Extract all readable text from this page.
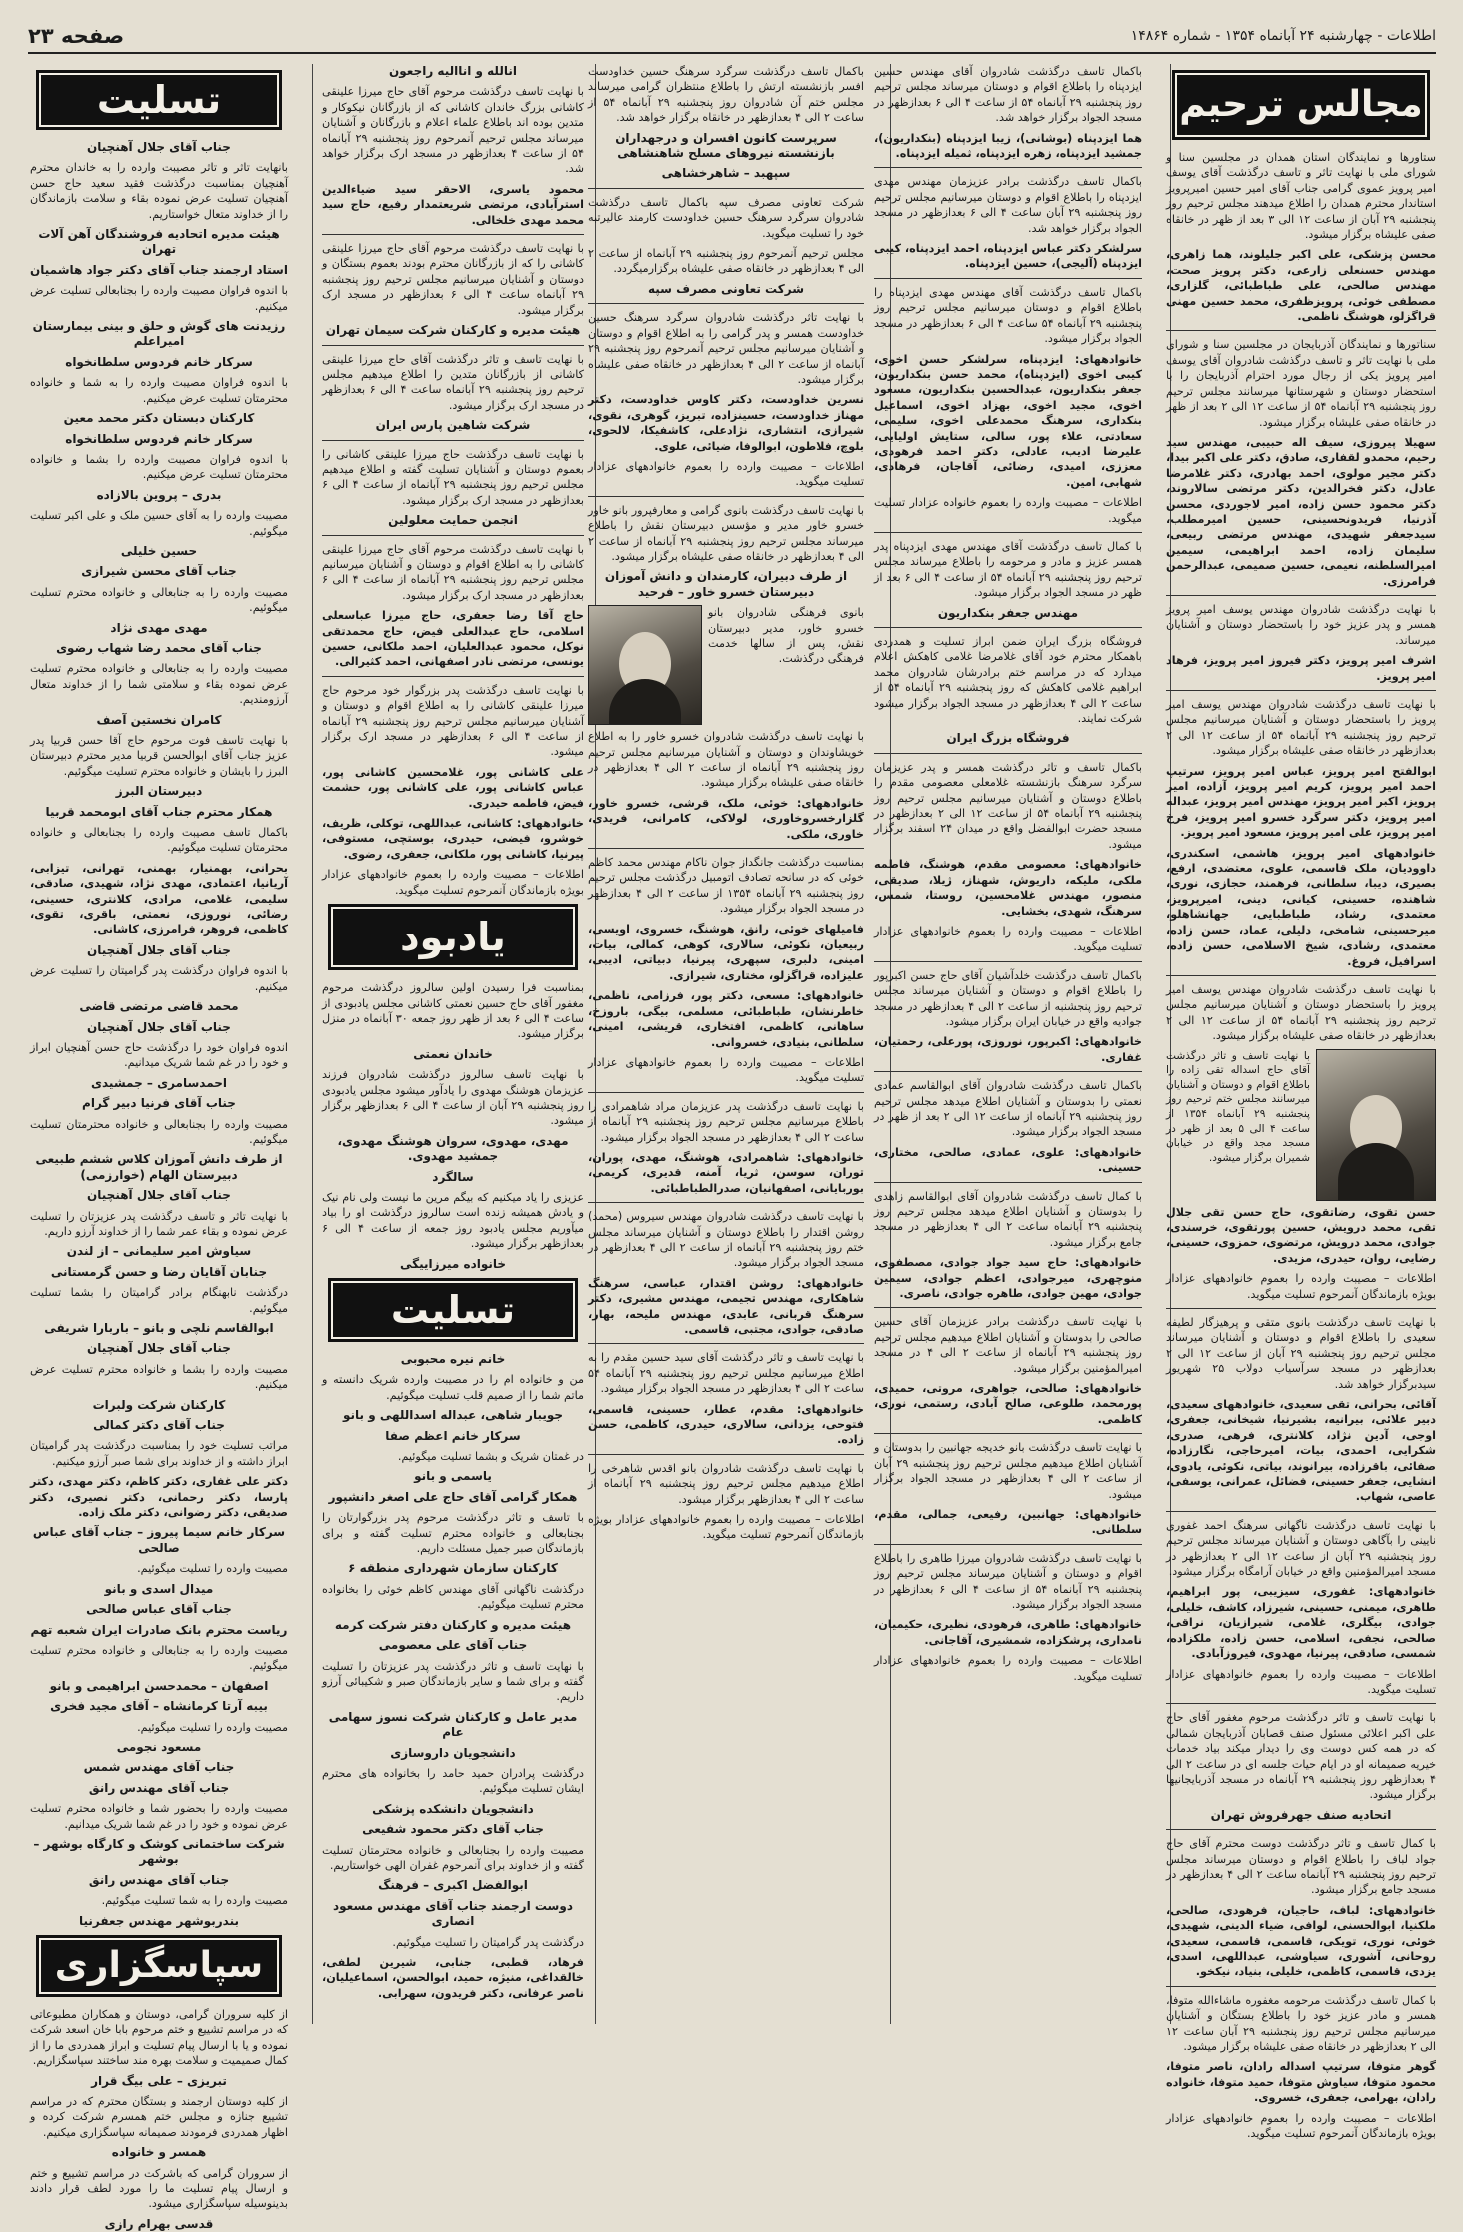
اطلاعات - چهارشنبه ۲۴ آبانماه ۱۳۵۴ - شماره ۱۴۸۶۴
صفحه ۲۳
مجالس ترحیم

ستاورها و نمایندگان استان همدان در مجلسین سنا و شورای ملی با نهایت تاثر و تاسف درگذشت آقای یوسف امیر پرویز عموی گرامی جناب آقای امیر حسین امیرپرویز استاندار محترم همدان را اطلاع میدهند مجلس ترحیم روز پنجشنبه ۲۹ آبان از ساعت ۱۲ الی ۳ بعد از ظهر در خانقاه صفی علیشاه برگزار میشود.

محسن پزشکی، علی اکبر جلیلوند، هما زاهری، مهندس حسنعلی زارعی، دکتر پرویز صحت، مهندس صالحی، علی طباطبائی، گلزاری، مصطفی خوئی، پرویزظفری، محمد حسین مهنی قراگزلو، هوشنگ ناظمی.

سناتورها و نمایندگان آذربایجان در مجلسین سنا و شورای ملی با نهایت تاثر و تاسف درگذشت شادروان آقای یوسف امیر پرویز یکی از رجال مورد احترام آذربایجان را با استحضار دوستان و شهرستانها میرسانند مجلس ترحیم روز پنجشنبه ۲۹ آبانماه ۵۴ از ساعت ۱۲ الی ۲ بعد از ظهر در خانقاه صفی علیشاه برگزار میشود.

سهیلا پیروزی، سیف اله حبیبی، مهندس سید رحیم، محمدو لقفاری، صادق، دکتر علی اکبر بیدا، دکتر مجیر مولوی، احمد بهادری، دکتر غلامرضا عادل، دکتر فخرالدین، دکتر مرتضی سالاروند، دکتر محمود حسن زاده، امیر لاجوردی، محسن آذرنیا، فریدونحسینی، حسین امیرمطلب، سیدجعفر شهیدی، مهندس مرتضی ربیعی، سلیمان زاده، احمد ابراهیمی، سیمین امیرالسلطنه، نعیمی، حسین صمیمی، عبدالرحمن فرامرزی.

با نهایت درگذشت شادروان مهندس یوسف امیر پرویز همسر و پدر عزیز خود را باستحضار دوستان و آشنایان میرساند.

اشرف امیر پرویز، دکتر فیروز امیر پرویز، فرهاد امیر پرویز.

با نهایت تاسف درگذشت شادروان مهندس یوسف امیر پرویز را باستحضار دوستان و آشنایان میرسانیم مجلس ترحیم روز پنجشنبه ۲۹ آبانماه ۵۴ از ساعت ۱۲ الی ۲ بعدازظهر در خانقاه صفی علیشاه برگزار میشود.

ابوالفتح امیر پرویز، عباس امیر پرویز، سرتیپ احمد امیر پرویز، کریم امیر پرویز، آزاده، امیر پرویز، اکبر امیر پرویز، مهندس امیر پرویز، عبداله امیر پرویز، دکتر سرگرد خسرو امیر پرویز، فرخ امیر پرویز، علی امیر پرویز، مسعود امیر پرویز.

خانوادههای امیر پرویز، هاشمی، اسکندری، داوودیان، ملک قاسمی، علوی، معتضدی، ارفع، بصیری، دیبا، سلطانی، فرهمند، حجازی، نوری، شاهنده، حسینی، کیانی، دینی، امیرپرویز، معتمدی، رشاد، طباطبایی، جهانشاهلو، میرحسینی، شامخی، دلیلی، عماد، حسن زاده، معتمدی، رشادی، شیخ الاسلامی، حسن زاده، اسرافیل، فروغ.

با نهایت تاسف درگذشت شادروان مهندس یوسف امیر پرویز را باستحضار دوستان و آشنایان میرسانیم مجلس ترحیم روز پنجشنبه ۲۹ آبانماه ۵۴ از ساعت ۱۲ الی ۲ بعدازظهر در خانقاه صفی علیشاه برگزار میشود.

با نهایت تاسف و تاثر درگذشت آقای حاج اسداله تقی زاده را باطلاع اقوام و دوستان و آشنایان میرسانند مجلس ختم ترحیم روز پنجشنبه ۲۹ آبانماه ۱۳۵۴ از ساعت ۴ الی ۵ بعد از ظهر در مسجد مجد واقع در خیابان شمیران برگزار میشود.

حسن تقوی، رضاتقوی، حاج حسن تقی جلال تقی، محمد درویش، حسین پورتقوی، خرسندی، جوادی، محمد درویش، مرتضوی، حمزوی، حسینی، رضایی، روان، حیدری، مزیدی.

اطلاعات – مصیبت وارده را بعموم خانوادههای عزادار بویژه بازماندگان آنمرحوم تسلیت میگوید.

با نهایت تاسف درگذشت بانوی متقی و پرهیزگار لطیفه سعیدی را باطلاع اقوام و دوستان و آشنایان میرساند مجلس ترحیم روز پنجشنبه ۲۹ آبان از ساعت ۱۲ الی ۲ بعدازظهر در مسجد سرآسیاب دولاب ۲۵ شهریور سیدبرگزار خواهد شد.

آقائی، بحرانی، تقی سعیدی، خانوادههای سعیدی، دبیر علائی، بیرانیه، بشیرنیا، شیخانی، جعفری، اوجی، آدین نژاد، کلانتری، فرهی، صدری، شکرایی، احمدی، بیات، امیرحاجی، نگارزاده، صفائی، باقرزاده، بیرانوند، بیاتی، نکوئی، یادوی، انشایی، جعفر حسینی، فضائل، عمرانی، یوسفی، عاصی، شهاب.

با نهایت تاسف درگذشت ناگهانی سرهنگ احمد غفوری نایینی را بآگاهی دوستان و آشنایان میرساند مجلس ترحیم روز پنجشنبه ۲۹ آبان از ساعت ۱۲ الی ۲ بعدازظهر در مسجد امیرالمؤمنین واقع در خیابان آرامگاه برگزار میشود.

خانوادههای: غفوری، سیزیبی، پور ابراهیم، طاهری، میمنی، حسینی، شیرزاد، کاشف، خلیلی، جوادی، بیگلری، غلامی، شیرازیان، نراقی، صالحی، نجفی، اسلامی، حسن زاده، ملکزاده، شمسی، صادقی، پیرنیا، مهدوی، فیروزآبادی.

اطلاعات – مصیبت وارده را بعموم خانوادههای عزادار تسلیت میگوید.

با نهایت تاسف و تاثر درگذشت مرحوم مغفور آقای حاج علی اکبر اعلائی مسئول صنف قصابان آذربایجان شمالی که در همه کس دوست وی را دیدار میکند بیاد خدمات خیریه صمیمانه او در ایام حیات جلسه ای در ساعت ۲ الی ۴ بعدازظهر روز پنجشنبه ۲۹ آبانماه در مسجد آذربایجانیها برگزار میشود.

اتحادیه صنف جهرفروش تهران

با کمال تاسف و تاثر درگذشت دوست محترم آقای حاج جواد لباف را باطلاع اقوام و دوستان میرساند مجلس ترحیم روز پنجشنبه ۲۹ آبانماه ساعت ۲ الی ۴ بعدازظهر در مسجد جامع برگزار میشود.

خانوادههای: لباف، حاجیان، فرهودی، صالحی، ملکنیا، ابوالحسنی، لوافی، ضیاء الدینی، شهیدی، خوئی، نوری، تویکی، قاسمی، قاسمی، سعیدی، روحانی، آشوری، سیاوشی، عبداللهی، اسدی، یزدی، قاسمی، کاظمی، خلیلی، بنیاد، نیکخو.

با کمال تاسف درگذشت مرحومه مغفوره ماشاءالله متوفا، همسر و مادر عزیز خود را باطلاع بستگان و آشنایان میرسانیم مجلس ترحیم روز پنجشنبه ۲۹ آبان ساعت ۱۲ الی ۲ بعدازظهر در خانقاه صفی علیشاه برگزار میشود.

گوهر متوفا، سرتیپ اسداله رادان، ناصر متوفا، محمود متوفا، سیاوش متوفا، حمید متوفا، خانواده رادان، بهرامی، جعفری، خسروی.

اطلاعات – مصیبت وارده را بعموم خانوادههای عزادار بویژه بازماندگان آنمرحوم تسلیت میگوید.

باکمال تاسف درگذشت شادروان آقای مهندس حسین ایزدپناه را باطلاع اقوام و دوستان میرساند مجلس ترحیم روز پنجشنبه ۲۹ آبانماه ۵۴ از ساعت ۴ الی ۶ بعدازظهر در مسجد الجواد برگزار خواهد شد.

هما ایزدپناه (بوشانی)، زیبا ایزدپناه (بنکداریون)، جمشید ایزدپناه، زهره ایزدپناه، ثمیله ایزدپناه.

باکمال تاسف درگذشت برادر عزیزمان مهندس مهدی ایزدپناه را باطلاع اقوام و دوستان میرسانیم مجلس ترحیم روز پنجشنبه ۲۹ آبان ساعت ۴ الی ۶ بعدازظهر در مسجد الجواد برگزار خواهد شد.

سرلشکر دکتر عباس ایزدپناه، احمد ایزدپناه، کیبی ایزدپناه (آلیجی)، حسین ایزدپناه.

باکمال تاسف درگذشت آقای مهندس مهدی ایزدپناه را باطلاع اقوام و دوستان میرسانیم مجلس ترحیم روز پنجشنبه ۲۹ آبانماه ۵۴ ساعت ۴ الی ۶ بعدازظهر در مسجد الجواد برگزار میشود.

خانوادههای: ایزدپناه، سرلشکر حسن اخوی، کیبی اخوی (ایزدپناه)، محمد حسن بنکداریون، جعفر بنکداریون، عبدالحسین بنکداریون، مسعود اخوی، مجید اخوی، بهزاد اخوی، اسماعیل بنکداری، سرهنگ محمدعلی اخوی، سلیمی، سعادتی، علاء پور، سالی، ستایش اولیایی، علیرضا ادیب، عادلی، دکتر احمد فرهودی، معززی، امیدی، رضائی، آقاجان، فرهادی، شهابی، امین.

اطلاعات – مصیبت وارده را بعموم خانواده عزادار تسلیت میگوید.

با کمال تاسف درگذشت آقای مهندس مهدی ایزدپناه پدر همسر عزیز و مادر و مرحومه را باطلاع میرساند مجلس ترحیم روز پنجشنبه ۲۹ آبانماه ۵۴ از ساعت ۴ الی ۶ بعد از ظهر در مسجد الجواد برگزار میشود.

مهندس جعفر بنکداریون

فروشگاه بزرگ ایران ضمن ابراز تسلیت و همدردی باهمکار محترم خود آقای غلامرضا غلامی کاهکش اعلام میدارد که در مراسم ختم برادرشان شادروان محمد ابراهیم غلامی کاهکش که روز پنجشنبه ۲۹ آبانماه ۵۴ از ساعت ۲ الی ۴ بعدازظهر در مسجد الجواد برگزار میشود شرکت نمایند.

فروشگاه بزرگ ایران

باکمال تاسف و تاثر درگذشت همسر و پدر عزیزمان سرگرد سرهنگ بازنشسته غلامعلی معصومی مقدم را باطلاع دوستان و آشنایان میرسانیم مجلس ترحیم روز پنجشنبه ۲۹ آبانماه ۵۴ از ساعت ۱۲ الی ۲ بعدازظهر در مسجد حضرت ابوالفضل واقع در میدان ۲۴ اسفند برگزار میشود.

خانوادههای: معصومی مقدم، هوشنگ، فاطمه ملکی، ملیکه، داریوش، شهناز، ژیلا، صدیقی، منصور، مهندس غلامحسین، روستا، شمس، سرهنگ، شهدی، بخشایی.

اطلاعات – مصیبت وارده را بعموم خانوادههای عزادار تسلیت میگوید.

باکمال تاسف درگذشت خلدآشیان آقای حاج حسن اکبرپور را باطلاع اقوام و دوستان و آشنایان میرساند مجلس ترحیم روز پنجشنبه از ساعت ۲ الی ۴ بعدازظهر در مسجد جوادیه واقع در خیابان ایران برگزار میشود.

خانوادههای: اکبرپور، نوروزی، پورعلی، رحمتیان، غفاری.

باکمال تاسف درگذشت شادروان آقای ابوالقاسم عمادی نعمتی را بدوستان و آشنایان اطلاع میدهد مجلس ترحیم روز پنجشنبه ۲۹ آبانماه از ساعت ۱۲ الی ۲ بعد از ظهر در مسجد الجواد برگزار میشود.

خانوادههای: علوی، عمادی، صالحی، مختاری، حسینی.

با کمال تاسف درگذشت شادروان آقای ابوالقاسم زاهدی را بدوستان و آشنایان اطلاع میدهد مجلس ترحیم روز پنجشنبه ۲۹ آبانماه ساعت ۲ الی ۴ بعدازظهر در مسجد جامع برگزار میشود.

خانوادههای: حاج سید جواد جوادی، مصطفوی، منوچهری، میرجوادی، اعظم جوادی، سیمین جوادی، مهین جوادی، طاهره جوادی، ناصری.

با نهایت تاسف درگذشت برادر عزیزمان آقای حسین صالحی را بدوستان و آشنایان اطلاع میدهیم مجلس ترحیم روز پنجشنبه ۲۹ آبانماه از ساعت ۲ الی ۴ در مسجد امیرالمؤمنین برگزار میشود.

خانوادههای: صالحی، جواهری، مروتی، حمیدی، پورمحمد، طلوعی، صالح آبادی، رستمی، نوری، کاظمی.

با نهایت تاسف درگذشت بانو خدیجه جهانبین را بدوستان و آشنایان اطلاع میدهیم مجلس ترحیم روز پنجشنبه ۲۹ آبان از ساعت ۲ الی ۴ بعدازظهر در مسجد الجواد برگزار میشود.

خانوادههای: جهانبین، رفیعی، جمالی، مقدم، سلطانی.

با نهایت تاسف درگذشت شادروان میرزا طاهری را باطلاع اقوام و دوستان و آشنایان میرساند مجلس ترحیم روز پنجشنبه ۲۹ آبانماه ۵۴ از ساعت ۴ الی ۶ بعدازظهر در مسجد الجواد برگزار میشود.

خانوادههای: طاهری، فرهودی، نظیری، حکیمیان، نامداری، پرشکزاده، شمشیری، آقاجانی.

اطلاعات – مصیبت وارده را بعموم خانوادههای عزادار تسلیت میگوید.

باکمال تاسف درگذشت سرگرد سرهنگ حسین خداودست افسر بازنشسته ارتش را باطلاع منتظران گرامی میرساند مجلس ختم آن شادروان روز پنجشنبه ۲۹ آبانماه ۵۴ از ساعت ۲ الی ۴ بعدازظهر در خانقاه برگزار خواهد شد.

سرپرست کانون افسران و درجهداران بازنشسته نیروهای مسلح شاهنشاهی

سپهبد – شاهرخشاهی

شرکت تعاونی مصرف سپه باکمال تاسف درگذشت شادروان سرگرد سرهنگ حسین خداودست کارمند عالیرتبه خود را تسلیت میگوید.

مجلس ترحیم آنمرحوم روز پنجشنبه ۲۹ آبانماه از ساعت ۲ الی ۴ بعدازظهر در خانقاه صفی علیشاه برگزارمیگردد.

شرکت تعاونی مصرف سپه

با نهایت تاثر درگذشت شادروان سرگرد سرهنگ حسین خداودست همسر و پدر گرامی را به اطلاع اقوام و دوستان و آشنایان میرسانیم مجلس ترحیم آنمرحوم روز پنجشنبه ۲۹ آبانماه از ساعت ۲ الی ۴ بعدازظهر در خانقاه صفی علیشاه برگزار میشود.

نسرین خداودست، دکتر کاوس خداودست، دکتر مهناز خداودست، حسینزاده، تبریز، گوهری، نقوی، شیرازی، انتشاری، نژادعلی، کاشفیکا، لالحوی، بلوچ، فلاطون، ابوالوفا، ضیائی، علوی.

اطلاعات – مصیبت وارده را بعموم خانوادههای عزادار تسلیت میگوید.

با نهایت تاسف درگذشت بانوی گرامی و معارفپرور بانو خاور خسرو خاور مدیر و مؤسس دبیرستان نقش را باطلاع میرساند مجلس ترحیم روز پنجشنبه ۲۹ آبانماه از ساعت ۲ الی ۴ بعدازظهر در خانقاه صفی علیشاه برگزار میشود.

از طرف دبیران، کارمندان و دانش آموزان دبیرستان خسرو خاور – فرحید

بانوی فرهنگی شادروان بانو خسرو خاور، مدیر دبیرستان نقش، پس از سالها خدمت فرهنگی درگذشت.

با نهایت تاسف درگذشت شادروان خسرو خاور را به اطلاع خویشاوندان و دوستان و آشنایان میرسانیم مجلس ترحیم روز پنجشنبه ۲۹ آبانماه از ساعت ۲ الی ۴ بعدازظهر در خانقاه صفی علیشاه برگزار میشود.

خانوادههای: خوئی، ملک، قرشی، خسرو خاور، گلزارخسروخاوری، لولاکی، کامرانی، فریدی، خاوری، ملکی.

بمناسبت درگذشت جانگداز جوان ناکام مهندس محمد کاظم خوئی که در سانحه تصادف اتومبیل درگذشت مجلس ترحیم روز پنجشنبه ۲۹ آبانماه ۱۳۵۴ از ساعت ۲ الی ۴ بعدازظهر در مسجد الجواد برگزار میشود.

فامیلهای خوئی، رانق، هوشنگ، خسروی، اویسی، ربیعیان، نکوئی، سالاری، کوهی، کمالی، بیات، امینی، دلبری، سپهری، پیرنیا، دبیاتی، ادیبی، علیزاده، قراگزلو، مختاری، شیرازی.

خانوادههای: مسعی، دکتر پور، فرزامی، ناظمی، خاطرنشان، طباطبائی، مسلمی، بیگی، باروزخ، ساهانی، کاظمی، افتخاری، قریشی، امینی، سلطانی، بنیادی، خسروانی.

اطلاعات – مصیبت وارده را بعموم خانوادههای عزادار تسلیت میگوید.

با نهایت تاسف درگذشت پدر عزیزمان مراد شاهمرادی را باطلاع میرسانیم مجلس ترحیم روز پنجشنبه ۲۹ آبانماه از ساعت ۲ الی ۴ بعدازظهر در مسجد الجواد برگزار میشود.

خانوادههای: شاهمرادی، هوشنگ، مهدی، پوران، توران، سوسن، ثریا، آمنه، قدیری، کریمی، بوربایانی، اصفهانیان، صدرالطباطبائی.

با نهایت تاسف درگذشت شادروان مهندس سیروس (محمد) روشن اقتدار را باطلاع دوستان و آشنایان میرساند مجلس ختم روز پنجشنبه ۲۹ آبانماه از ساعت ۲ الی ۴ بعدازظهر در مسجد الجواد برگزار میشود.

خانوادههای: روشن اقتدار، عباسی، سرهنگ شاهکاری، مهندس تجیمی، مهندس مشیری، دکتر سرهنگ قربانی، عابدی، مهندس ملیحه، بهار، صادقی، جوادی، مجتبی، قاسمی.

با نهایت تاسف و تاثر درگذشت آقای سید حسین مقدم را به اطلاع میرسانیم مجلس ترحیم روز پنجشنبه ۲۹ آبانماه ۵۴ ساعت ۲ الی ۴ بعدازظهر در مسجد الجواد برگزار میشود.

خانوادههای: مقدم، عطار، حسینی، قاسمی، فتوحی، یزدانی، سالاری، حیدری، کاظمی، حسن زاده.

با نهایت تاسف درگذشت شادروان بانو اقدس شاهرخی را اطلاع میدهیم مجلس ترحیم روز پنجشنبه ۲۹ آبانماه از ساعت ۲ الی ۴ بعدازظهر برگزار میشود.

اطلاعات – مصیبت وارده را بعموم خانوادههای عزادار بویژه بازماندگان آنمرحوم تسلیت میگوید.

انالله و اناالیه راجعون

با نهایت تاسف درگذشت مرحوم آقای حاج میرزا علینقی کاشانی بزرگ خاندان کاشانی که از بازرگانان نیکوکار و متدین بوده اند باطلاع علماء اعلام و بازرگانان و آشنایان میرساند مجلس ترحیم آنمرحوم روز پنجشنبه ۲۹ آبانماه ۵۴ از ساعت ۴ بعدازظهر در مسجد ارک برگزار خواهد شد.

محمود یاسری، الاحقر سید ضیاءالدین استرآبادی، مرتضی شریعتمدار رفیع، حاج سید محمد مهدی خلخالی.

با نهایت تاسف درگذشت مرحوم آقای حاج میرزا علینقی کاشانی را که از بازرگانان محترم بودند بعموم بستگان و دوستان و آشنایان میرسانیم مجلس ترحیم روز پنجشنبه ۲۹ آبانماه ساعت ۴ الی ۶ بعدازظهر در مسجد ارک برگزار میشود.

هیئت مدیره و کارکنان شرکت سیمان تهران

با نهایت تاسف و تاثر درگذشت آقای حاج میرزا علینقی کاشانی از بازرگانان متدین را اطلاع میدهیم مجلس ترحیم روز پنجشنبه ۲۹ آبانماه ساعت ۴ الی ۶ بعدازظهر در مسجد ارک برگزار میشود.

شرکت شاهین پارس ایران

با نهایت تاسف درگذشت حاج میرزا علینقی کاشانی را بعموم دوستان و آشنایان تسلیت گفته و اطلاع میدهیم مجلس ترحیم روز پنجشنبه ۲۹ آبانماه از ساعت ۴ الی ۶ بعدازظهر در مسجد ارک برگزار میشود.

انجمن حمایت معلولین

با نهایت تاسف درگذشت مرحوم آقای حاج میرزا علینقی کاشانی را به اطلاع اقوام و دوستان و آشنایان میرسانیم مجلس ترحیم روز پنجشنبه ۲۹ آبانماه از ساعت ۴ الی ۶ بعدازظهر در مسجد ارک برگزار میشود.

حاج آقا رضا جعفری، حاج میرزا عباسعلی اسلامی، حاج عبدالعلی فیض، حاج محمدتقی نوکل، محمود عبدالعلیان، احمد ملکانی، حسین یونسی، مرتضی نادر اصفهانی، احمد کثیرالی.

با نهایت تاسف درگذشت پدر بزرگوار خود مرحوم حاج میرزا علینقی کاشانی را به اطلاع اقوام و دوستان و آشنایان میرسانیم مجلس ترحیم روز پنجشنبه ۲۹ آبانماه از ساعت ۴ الی ۶ بعدازظهر در مسجد ارک برگزار میشود.

علی کاشانی پور، غلامحسین کاشانی پور، عباس کاشانی پور، علی کاشانی پور، حشمت فیض، فاطمه حیدری.

خانوادههای: کاشانی، عبداللهی، توکلی، ظریف، خوشرو، فیضی، حیدری، بوستچی، مستوفی، پیرنیا، کاشانی پور، ملکانی، جعفری، رضوی.

اطلاعات – مصیبت وارده را بعموم خانوادههای عزادار بویژه بازماندگان آنمرحوم تسلیت میگوید.

یادبود

بمناسبت فرا رسیدن اولین سالروز درگذشت مرحوم مغفور آقای حاج حسین نعمتی کاشانی مجلس یادبودی از ساعت ۴ الی ۶ بعد از ظهر روز جمعه ۳۰ آبانماه در منزل برگزار میشود.

خاندان نعمتی

با نهایت تاسف سالروز درگذشت شادروان فرزند عزیزمان هوشنگ مهدوی را یادآور میشود مجلس یادبودی روز پنجشنبه ۲۹ آبان از ساعت ۴ الی ۶ بعدازظهر برگزار میشود.

مهدی، مهدوی، سروان هوشنگ مهدوی، جمشید مهدوی.

سالگرد

عزیزی را یاد میکنیم که بیگم مرین ما نیست ولی نام نیک و یادش همیشه زنده است سالروز درگذشت او را بیاد میآوریم مجلس یادبود روز جمعه از ساعت ۴ الی ۶ بعدازظهر برگزار میشود.

خانواده میرزاییگی

تسلیت

خانم نیره محبوبی

من و خانواده ام را در مصیبت وارده شریک دانسته و ماتم شما را از صمیم قلب تسلیت میگوئیم.

جویبار شاهی، عبداله اسداللهی و بانو

سرکار خانم اعظم صفا

در غمتان شریک و بشما تسلیت میگوئیم.

یاسمی و بانو

همکار گرامی آقای حاج علی اصغر دانشپور

با تاسف و تاثر درگذشت مرحوم پدر بزرگوارتان را بجنابعالی و خانواده محترم تسلیت گفته و برای بازماندگان صبر جمیل مسئلت داریم.

کارکنان سازمان شهرداری منطقه ۶

درگذشت ناگهانی آقای مهندس کاظم خوئی را بخانواده محترم تسلیت میگوئیم.

هیئت مدیره و کارکنان دفتر شرکت کرمه

جناب آقای علی معصومی

با نهایت تاسف و تاثر درگذشت پدر عزیزتان را تسلیت گفته و برای شما و سایر بازماندگان صبر و شکیبائی آرزو داریم.

مدیر عامل و کارکنان شرکت نسوز سهامی عام

دانشجویان داروسازی

درگذشت پرادران حمید حامد را بخانواده های محترم ایشان تسلیت میگوئیم.

دانشجویان دانشکده پزشکی

جناب آقای دکتر محمود شفیعی

مصیبت وارده را بجنابعالی و خانواده محترمتان تسلیت گفته و از خداوند برای آنمرحوم غفران الهی خواستاریم.

ابوالفضل اکبری – فرهنگ

دوست ارجمند جناب آقای مهندس مسعود انصاری

درگذشت پدر گرامیتان را تسلیت میگوئیم.

فرهاد، قطبی، جنابی، شیرین لطفی، خالقداغی، منیژه، حمید، ابوالحسن، اسماعیلیان، ناصر عرفانی، دکتر فریدون، سهرابی.

تسلیت

جناب آقای جلال آهنچیان

بانهایت تاثر و تاثر مصیبت وارده را به خاندان محترم آهنچیان بمناسبت درگذشت فقید سعید حاج حسن آهنچیان تسلیت عرض نموده بقاء و سلامت بازماندگان را از خداوند متعال خواستاریم.

هیئت مدیره اتحادیه فروشندگان آهن آلات تهران

استاد ارجمند جناب آقای دکتر جواد هاشمیان

با اندوه فراوان مصیبت وارده را بجنابعالی تسلیت عرض میکنیم.

رزیدنت های گوش و حلق و بینی بیمارستان امیراعلم

سرکار خانم فردوس سلطانخواه

با اندوه فراوان مصیبت وارده را به شما و خانواده محترمتان تسلیت عرض میکنیم.

کارکنان دبستان دکتر محمد معین

سرکار خانم فردوس سلطانخواه

با اندوه فراوان مصیبت وارده را بشما و خانواده محترمتان تسلیت عرض میکنیم.

بدری – پروین بالازاده

مصیبت وارده را به آقای حسین ملک و علی اکبر تسلیت میگوئیم.

حسین خلیلی

جناب آقای محسن شیرازی

مصیبت وارده را به جنابعالی و خانواده محترم تسلیت میگوئیم.

مهدی مهدی نژاد

جناب آقای محمد رضا شهاب رضوی

مصیبت وارده را به جنابعالی و خانواده محترم تسلیت عرض نموده بقاء و سلامتی شما را از خداوند متعال آرزومندیم.

کامران نخستین آصف

با نهایت تاسف فوت مرحوم حاج آقا حسن قربیا پدر عزیز جناب آقای ابوالحسن قربیا مدیر محترم دبیرستان البرز را بایشان و خانواده محترم تسلیت میگوئیم.

دبیرستان البرز

همکار محترم جناب آقای ابومحمد قربیا

باکمال تاسف مصیبت وارده را بجنابعالی و خانواده محترمتان تسلیت میگوئیم.

بحرانی، بهمنیار، بهمنی، تهرانی، تیزابی، آریانیا، اعتمادی، مهدی نژاد، شهیدی، صادقی، سلیمی، غلامی، مرادی، کلانتری، حسینی، رضائی، نوروزی، نعمتی، باقری، تقوی، کاظمی، فروهر، فرامرزی، کاشانی.

جناب آقای جلال آهنچیان

با اندوه فراوان درگذشت پدر گرامیتان را تسلیت عرض میکنیم.

محمد قاضی مرتضی قاضی

جناب آقای جلال آهنچیان

اندوه فراوان خود را درگذشت حاج حسن آهنچیان ابراز و خود را در غم شما شریک میدانیم.

احمدسامری – جمشیدی

جناب آقای فرنیا دبیر گرام

مصیبت وارده را بجنابعالی و خانواده محترمتان تسلیت میگوئیم.

از طرف دانش آموزان کلاس ششم طبیعی دبیرستان الهام (خوارزمی)

جناب آقای جلال آهنچیان

با نهایت تاثر و تاسف درگذشت پدر عزیزتان را تسلیت عرض نموده و بقاء عمر شما را از خداوند آرزو داریم.

سیاوش امیر سلیمانی – از لندن

جنابان آقایان رضا و حسن گرمستانی

درگذشت نابهنگام برادر گرامیتان را بشما تسلیت میگوئیم.

ابوالقاسم نلچی و بانو – باربارا شریفی

جناب آقای جلال آهنچیان

مصیبت وارده را بشما و خانواده محترم تسلیت عرض میکنیم.

کارکنان شرکت ولبرات

جناب آقای دکتر کمالی

مراتب تسلیت خود را بمناسبت درگذشت پدر گرامیتان ابراز داشته و از خداوند برای شما صبر آرزو میکنیم.

دکتر علی غفاری، دکتر کاظم، دکتر مهدی، دکتر پارسا، دکتر رحمانی، دکتر نصیری، دکتر صدیقی، دکتر رضوانی، دکتر ملک زاده.

سرکار خانم سیما پیروز – جناب آقای عباس صالحی

مصیبت وارده را تسلیت میگوئیم.

میدال اسدی و بانو

جناب آقای عباس صالحی

ریاست محترم بانک صادرات ایران شعبه تهم

مصیبت وارده را به جنابعالی و خانواده محترم تسلیت میگوئیم.

اصفهان – محمدحسن ابراهیمی و بانو

بیبه آرتا کرمانشاه – آقای مجید فخری

مصیبت وارده را تسلیت میگوئیم.

مسعود نجومی

جناب آقای مهندس شمس

جناب آقای مهندس رانق

مصیبت وارده را بحضور شما و خانواده محترم تسلیت عرض نموده و خود را در غم شما شریک میدانیم.

شرکت ساختمانی کوشک و کارگاه بوشهر – بوشهر

جناب آقای مهندس رانق

مصیبت وارده را به شما تسلیت میگوئیم.

بندربوشهر مهندس جعفرنیا

سپاسگزاری

از کلیه سروران گرامی، دوستان و همکاران مطبوعاتی که در مراسم تشییع و ختم مرحوم بابا خان اسعد شرکت نموده و یا با ارسال پیام تسلیت و ابراز همدردی ما را از کمال صمیمیت و سلامت بهره مند ساختند سپاسگزاریم.

تبریزی – علی بیگ قرار

از کلیه دوستان ارجمند و بستگان محترم که در مراسم تشییع جنازه و مجلس ختم همسرم شرکت کرده و اظهار همدردی فرمودند صمیمانه سپاسگزاری میکنیم.

همسر و خانواده

از سروران گرامی که باشرکت در مراسم تشییع و ختم و ارسال پیام تسلیت ما را مورد لطف قرار دادند بدینوسیله سپاسگزاری میشود.

قدسی بهرام رازی
